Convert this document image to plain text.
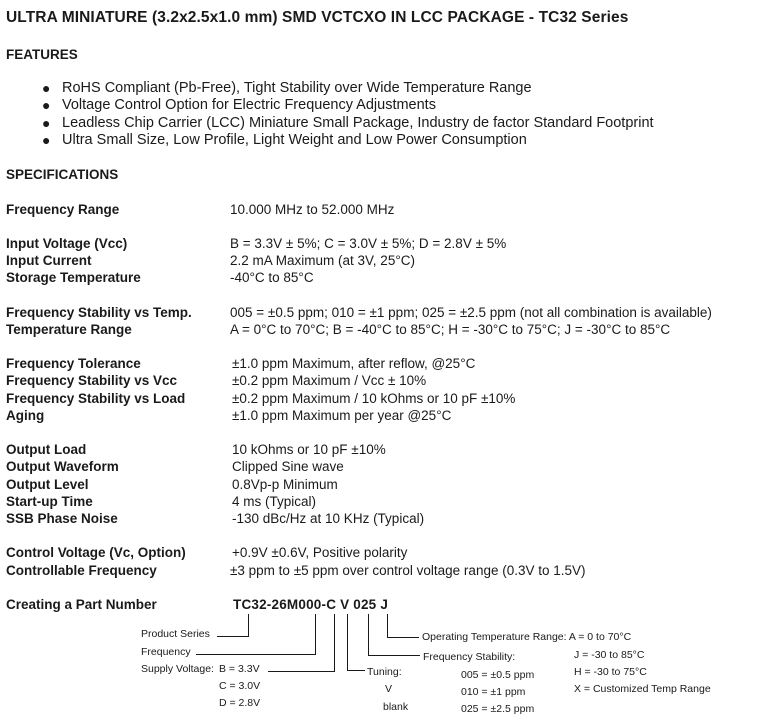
ULTRA MINIATURE (3.2x2.5x1.0 mm) SMD VCTCXO IN LCC PACKAGE - TC32 Series
FEATURES
● RoHS Compliant (Pb-Free), Tight Stability over Wide Temperature Range
● Voltage Control Option for Electric Frequency Adjustments
● Leadless Chip Carrier (LCC) Miniature Small Package, Industry de factor Standard Footprint
● Ultra Small Size, Low Profile, Light Weight and Low Power Consumption
SPECIFICATIONS
Frequency Range	10.000 MHz to 52.000 MHz
Input Voltage (Vcc)	B = 3.3V ± 5%; C = 3.0V ± 5%; D = 2.8V ± 5%
Input Current	2.2 mA Maximum (at 3V, 25°C)
Storage Temperature	-40°C to 85°C
Frequency Stability vs Temp.	005 = ±0.5 ppm; 010 = ±1 ppm; 025 = ±2.5 ppm (not all combination is available)
Temperature Range	A = 0°C to 70°C; B = -40°C to 85°C; H = -30°C to 75°C; J = -30°C to 85°C
Frequency Tolerance	±1.0 ppm Maximum, after reflow, @25°C
Frequency Stability vs Vcc	±0.2 ppm Maximum / Vcc ± 10%
Frequency Stability vs Load	±0.2 ppm Maximum / 10 kOhms or 10 pF ±10%
Aging	±1.0 ppm Maximum per year @25°C
Output Load	10 kOhms or 10 pF ±10%
Output Waveform	Clipped Sine wave
Output Level	0.8Vp-p Minimum
Start-up Time	4 ms (Typical)
SSB Phase Noise	-130 dBc/Hz at 10 KHz (Typical)
Control Voltage (Vc, Option)	+0.9V ±0.6V, Positive polarity
Controllable Frequency	±3 ppm to ±5 ppm over control voltage range (0.3V to 1.5V)
Creating a Part Number	TC32-26M000-C V 025 J
Product Series
Frequency
Supply Voltage: B = 3.3V
C = 3.0V
D = 2.8V
Tuning:
V
blank
Frequency Stability:
005 = ±0.5 ppm
010 = ±1 ppm
025 = ±2.5 ppm
Operating Temperature Range: A = 0 to 70°C
J = -30 to 85°C
H = -30 to 75°C
X = Customized Temp Range
